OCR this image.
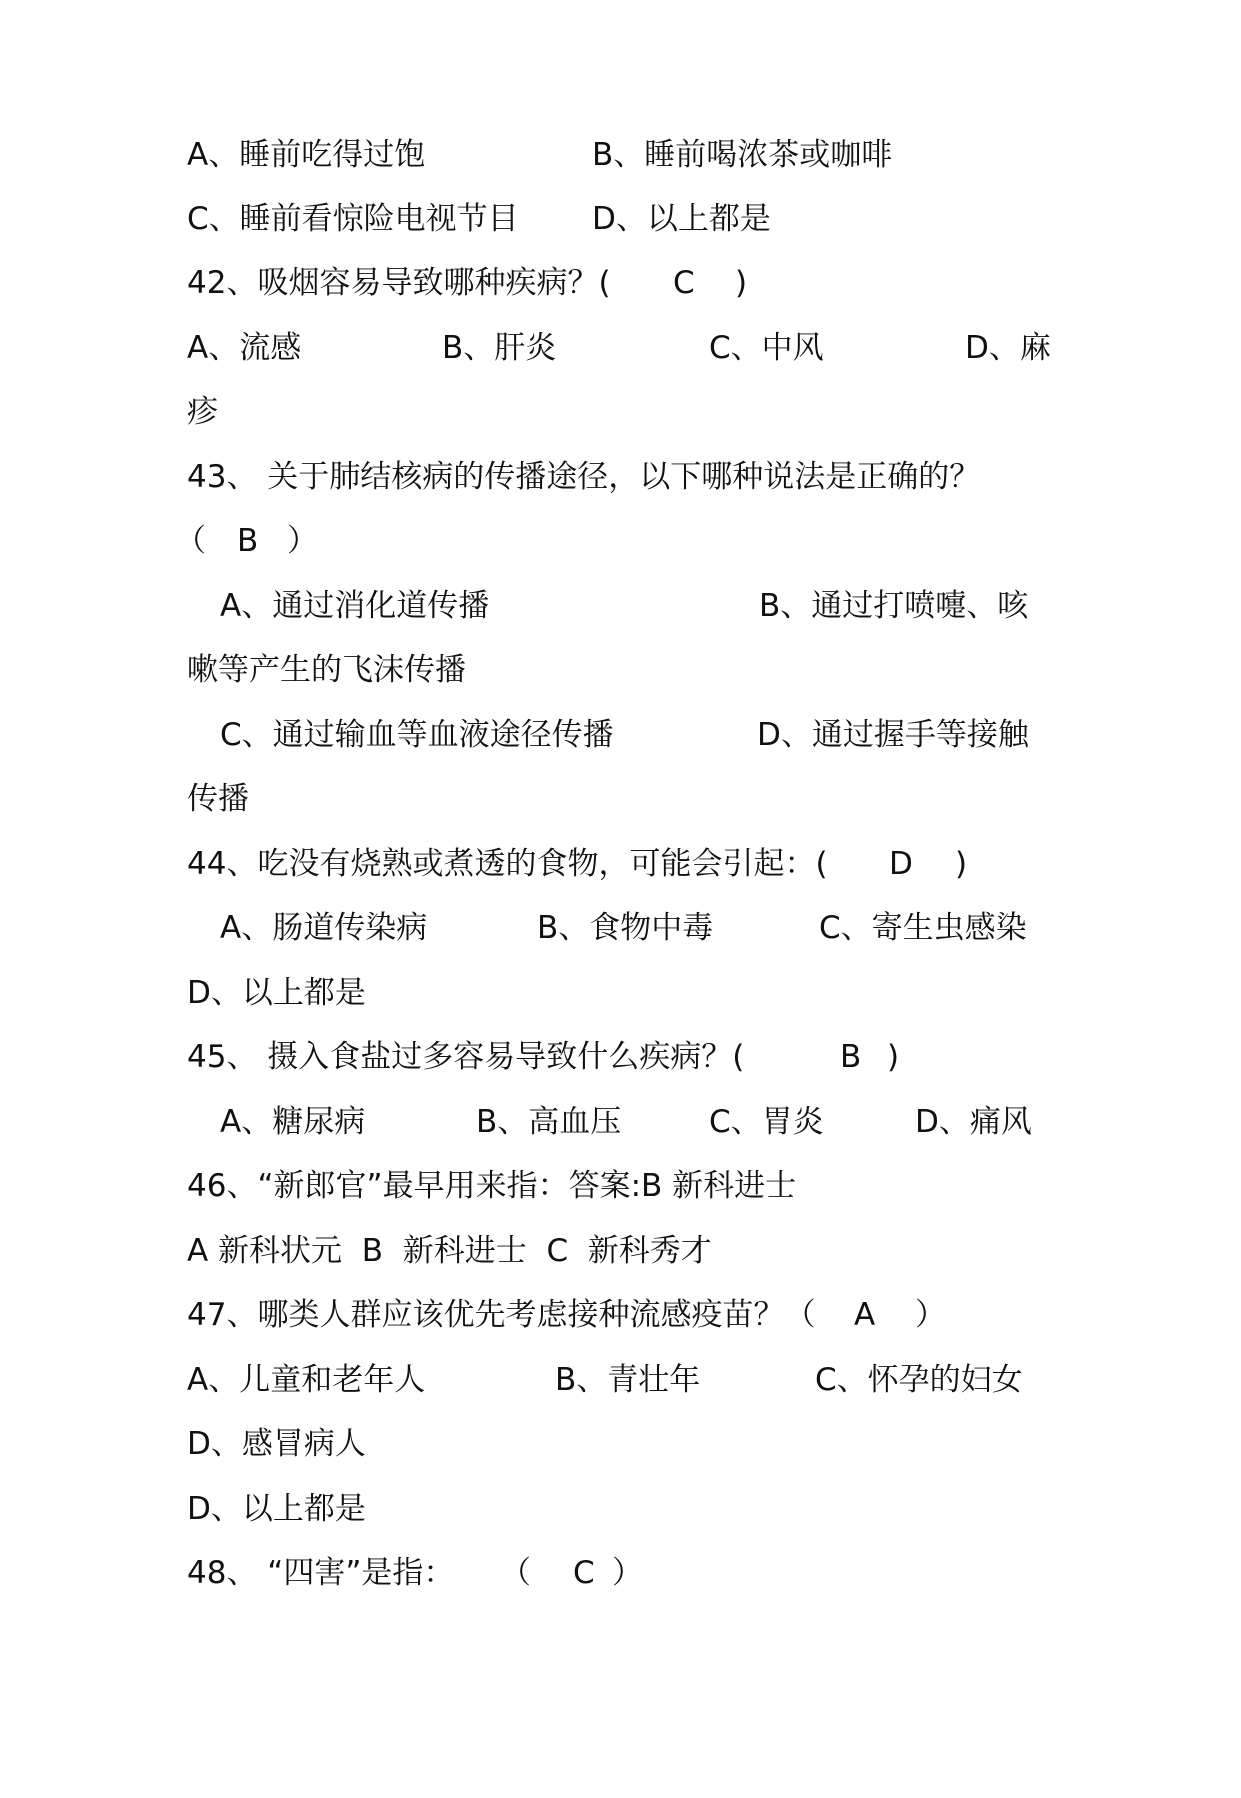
A、睡前吃得过饱

	B、睡前喝浓茶或咖啡

C、睡前看惊险电视节目

D、以上都是

42、吸烟容易导致哪种疾病？(

C

)

A、流感

	B、肝炎

	C、中风

	D、麻

疹

43、 关于肺结核病的传播途径，以下哪种说法是正确的？

（

B

）

A、通过消化道传播

	B、通过打喷嚏、咳

嗽等产生的飞沫传播

C、通过输血等血液途径传播

	D、通过握手等接触

传播

44、吃没有烧熟或煮透的食物，可能会引起：(

D

)

A、肠道传染病

	B、食物中毒

	C、寄生虫感染

D、以上都是

45、 摄入食盐过多容易导致什么疾病？(

	B

)

A、糖尿病

	B、高血压

	C、胃炎

	D、痛风

46、“新郎官”最早用来指：答案:B 新科进士

A 新科状元  B  新科进士  C  新科秀才

47、哪类人群应该优先考虑接种流感疫苗？（

A

）

A、儿童和老年人

	B、青壮年

	C、怀孕的妇女

D、感冒病人

D、以上都是

48、 “四害”是指：

（

C

）
